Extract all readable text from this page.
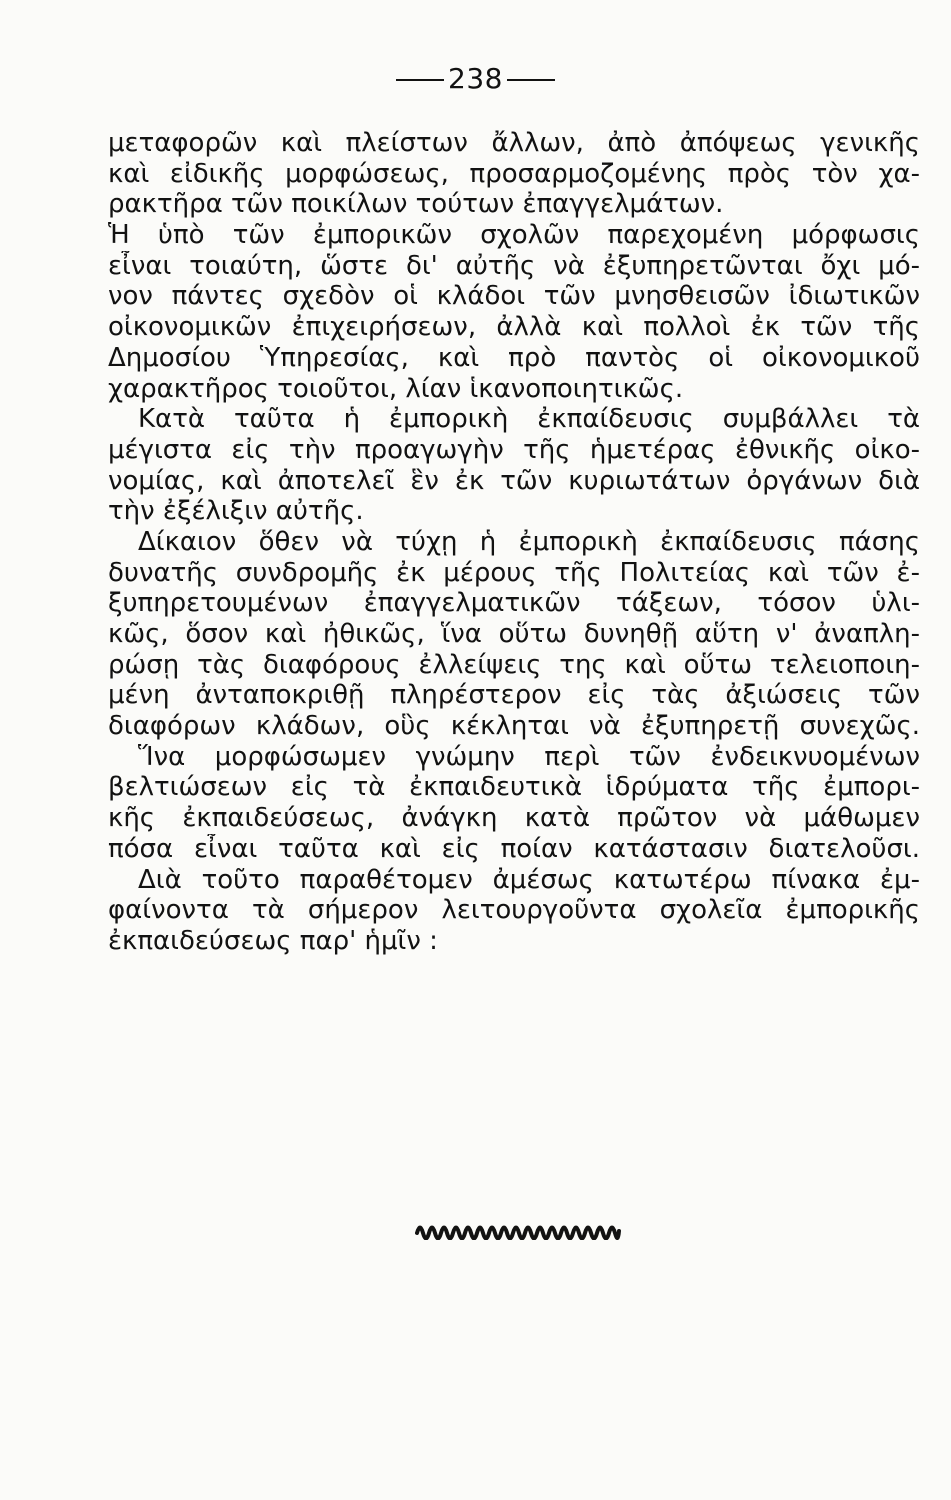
238
μεταφορῶν καὶ πλείστων ἄλλων, ἀπὸ ἀπόψεως γενικῆς
καὶ εἰδικῆς μορφώσεως, προσαρμοζομένης πρὸς τὸν χα-
ρακτῆρα τῶν ποικίλων τούτων ἐπαγγελμάτων.
Ἡ ὑπὸ τῶν ἐμπορικῶν σχολῶν παρεχομένη μόρφωσις
εἶναι τοιαύτη, ὥστε δι' αὐτῆς νὰ ἐξυπηρετῶνται ὄχι μό-
νον πάντες σχεδὸν οἱ κλάδοι τῶν μνησθεισῶν ἰδιωτικῶν
οἰκονομικῶν ἐπιχειρήσεων, ἀλλὰ καὶ πολλοὶ ἐκ τῶν τῆς
Δημοσίου Ὑπηρεσίας, καὶ πρὸ παντὸς οἱ οἰκονομικοῦ
χαρακτῆρος τοιοῦτοι, λίαν ἱκανοποιητικῶς.
Κατὰ ταῦτα ἡ ἐμπορικὴ ἐκπαίδευσις συμβάλλει τὰ
μέγιστα εἰς τὴν προαγωγὴν τῆς ἡμετέρας ἐθνικῆς οἰκο-
νομίας, καὶ ἀποτελεῖ ἓν ἐκ τῶν κυριωτάτων ὀργάνων διὰ
τὴν ἐξέλιξιν αὐτῆς.
Δίκαιον ὅθεν νὰ τύχῃ ἡ ἐμπορικὴ ἐκπαίδευσις πάσης
δυνατῆς συνδρομῆς ἐκ μέρους τῆς Πολιτείας καὶ τῶν ἐ-
ξυπηρετουμένων ἐπαγγελματικῶν τάξεων, τόσον ὑλι-
κῶς, ὅσον καὶ ἠθικῶς, ἵνα οὕτω δυνηθῇ αὕτη ν' ἀναπλη-
ρώσῃ τὰς διαφόρους ἐλλείψεις της καὶ οὕτω τελειοποιη-
μένη ἀνταποκριθῇ πληρέστερον εἰς τὰς ἀξιώσεις τῶν
διαφόρων κλάδων, οὓς κέκληται νὰ ἐξυπηρετῇ συνεχῶς.
Ἵνα μορφώσωμεν γνώμην περὶ τῶν ἐνδεικνυομένων
βελτιώσεων εἰς τὰ ἐκπαιδευτικὰ ἱδρύματα τῆς ἐμπορι-
κῆς ἐκπαιδεύσεως, ἀνάγκη κατὰ πρῶτον νὰ μάθωμεν
πόσα εἶναι ταῦτα καὶ εἰς ποίαν κατάστασιν διατελοῦσι.
Διὰ τοῦτο παραθέτομεν ἀμέσως κατωτέρω πίνακα ἐμ-
φαίνοντα τὰ σήμερον λειτουργοῦντα σχολεῖα ἐμπορικῆς
ἐκπαιδεύσεως παρ' ἡμῖν :
